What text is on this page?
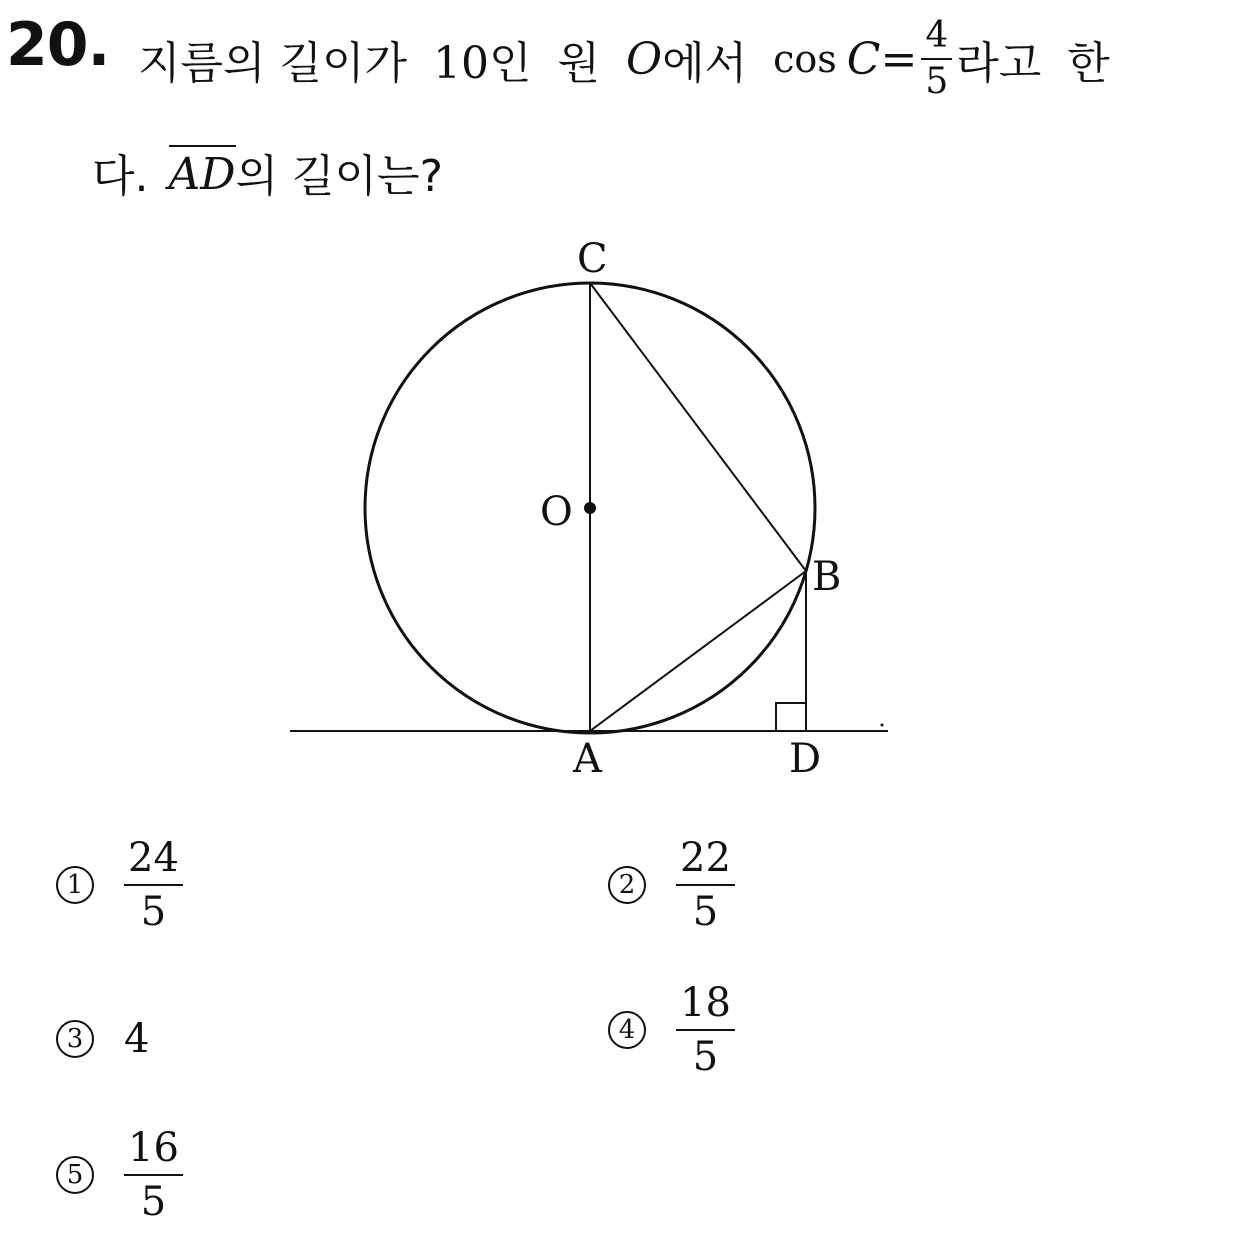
20. 지름의 길이가 10인 원 O 에서 $\cos C = \frac{4}{5}$ 라고 한
다. AD 의 길이는?
C
O
B
A	D
$1 \frac{24}{5}$	$2 \frac{22}{5}$
3 4	$4 \frac{18}{5}$
$5 \frac{16}{5}$
